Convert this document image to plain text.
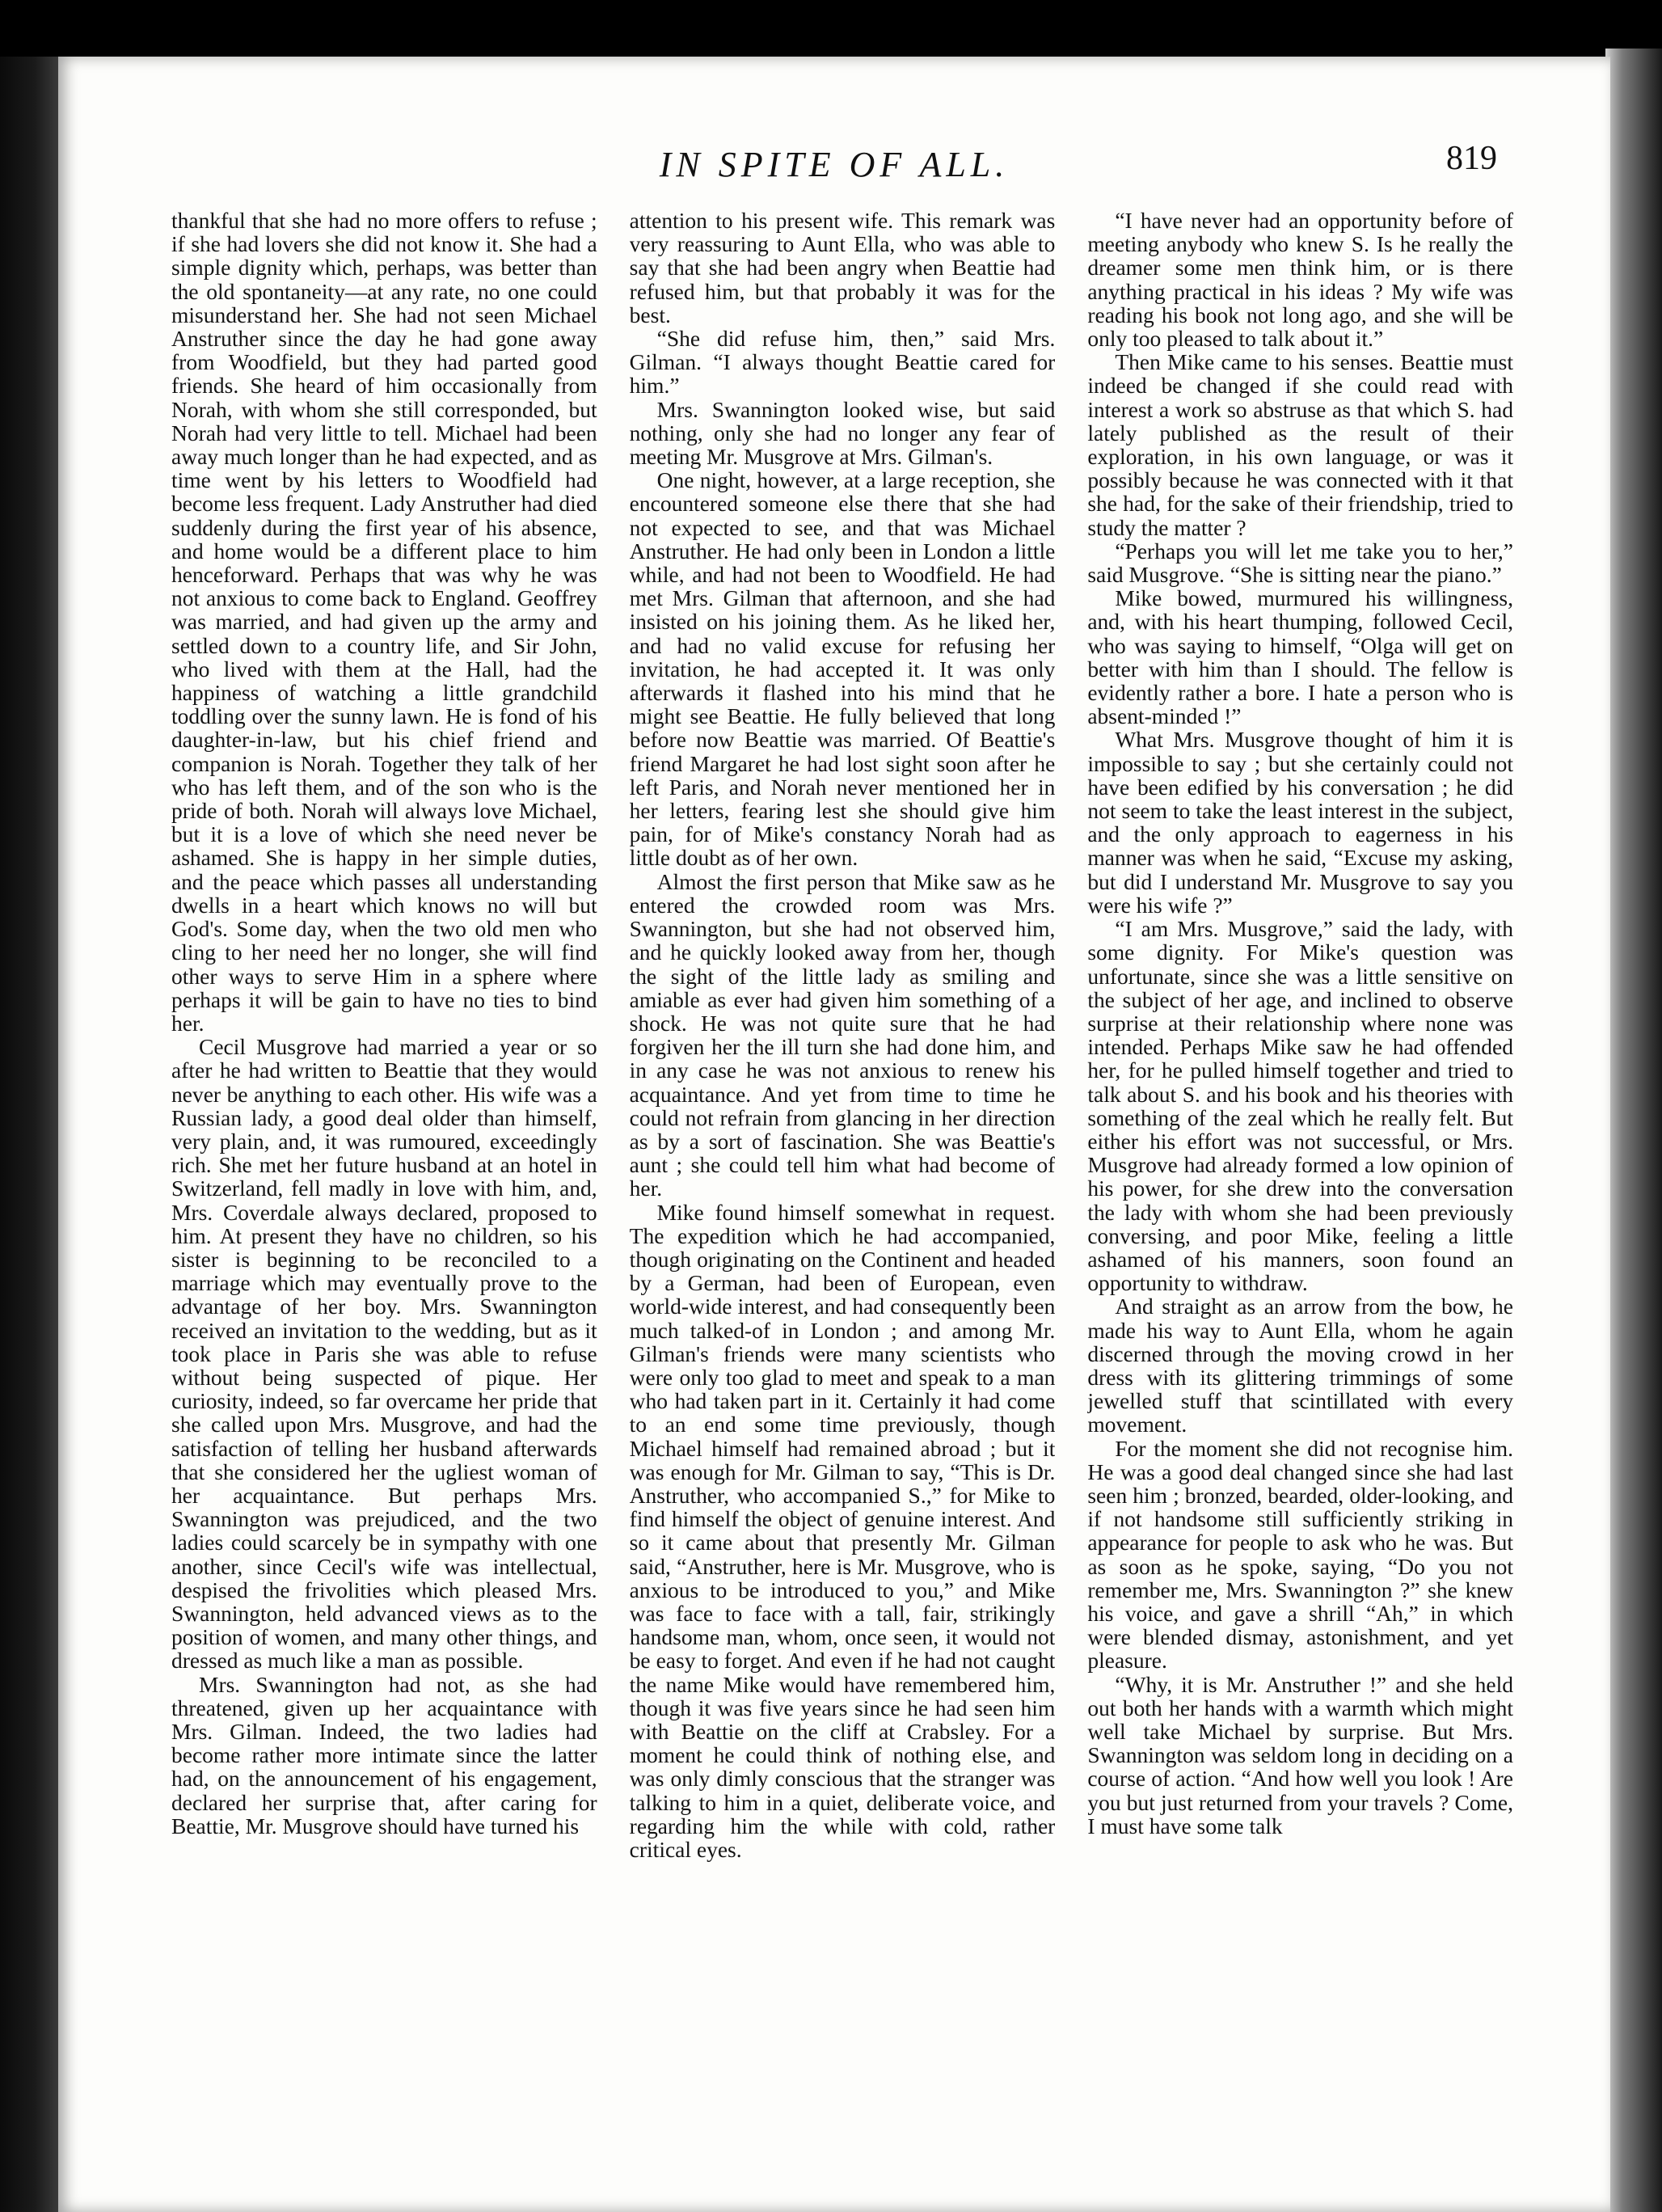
IN SPITE OF ALL.	819

thankful that she had no more offers to refuse ; if she had lovers she did not know it. She had a simple dignity which, perhaps, was better than the old spontaneity—at any rate, no one could misunderstand her. She had not seen Michael Anstruther since the day he had gone away from Woodfield, but they had parted good friends. She heard of him occasionally from Norah, with whom she still corresponded, but Norah had very little to tell. Michael had been away much longer than he had expected, and as time went by his letters to Woodfield had become less frequent. Lady Anstruther had died suddenly during the first year of his absence, and home would be a different place to him henceforward. Perhaps that was why he was not anxious to come back to England. Geoffrey was married, and had given up the army and settled down to a country life, and Sir John, who lived with them at the Hall, had the happiness of watching a little grandchild toddling over the sunny lawn. He is fond of his daughter-in-law, but his chief friend and companion is Norah. Together they talk of her who has left them, and of the son who is the pride of both. Norah will always love Michael, but it is a love of which she need never be ashamed. She is happy in her simple duties, and the peace which passes all understanding dwells in a heart which knows no will but God's. Some day, when the two old men who cling to her need her no longer, she will find other ways to serve Him in a sphere where perhaps it will be gain to have no ties to bind her.

Cecil Musgrove had married a year or so after he had written to Beattie that they would never be anything to each other. His wife was a Russian lady, a good deal older than himself, very plain, and, it was rumoured, exceedingly rich. She met her future husband at an hotel in Switzerland, fell madly in love with him, and, Mrs. Coverdale always declared, proposed to him. At present they have no children, so his sister is beginning to be reconciled to a marriage which may eventually prove to the advantage of her boy. Mrs. Swannington received an invitation to the wedding, but as it took place in Paris she was able to refuse without being suspected of pique. Her curiosity, indeed, so far overcame her pride that she called upon Mrs. Musgrove, and had the satisfaction of telling her husband afterwards that she considered her the ugliest woman of her acquaintance. But perhaps Mrs. Swannington was prejudiced, and the two ladies could scarcely be in sympathy with one another, since Cecil's wife was intellectual, despised the frivolities which pleased Mrs. Swannington, held advanced views as to the position of women, and many other things, and dressed as much like a man as possible.

Mrs. Swannington had not, as she had threatened, given up her acquaintance with Mrs. Gilman. Indeed, the two ladies had become rather more intimate since the latter had, on the announcement of his engagement, declared her surprise that, after caring for Beattie, Mr. Musgrove should have turned his

attention to his present wife. This remark was very reassuring to Aunt Ella, who was able to say that she had been angry when Beattie had refused him, but that probably it was for the best.

“She did refuse him, then,” said Mrs. Gilman. “I always thought Beattie cared for him.”

Mrs. Swannington looked wise, but said nothing, only she had no longer any fear of meeting Mr. Musgrove at Mrs. Gilman's.

One night, however, at a large reception, she encountered someone else there that she had not expected to see, and that was Michael Anstruther. He had only been in London a little while, and had not been to Woodfield. He had met Mrs. Gilman that afternoon, and she had insisted on his joining them. As he liked her, and had no valid excuse for refusing her invitation, he had accepted it. It was only afterwards it flashed into his mind that he might see Beattie. He fully believed that long before now Beattie was married. Of Beattie's friend Margaret he had lost sight soon after he left Paris, and Norah never mentioned her in her letters, fearing lest she should give him pain, for of Mike's constancy Norah had as little doubt as of her own.

Almost the first person that Mike saw as he entered the crowded room was Mrs. Swannington, but she had not observed him, and he quickly looked away from her, though the sight of the little lady as smiling and amiable as ever had given him something of a shock. He was not quite sure that he had forgiven her the ill turn she had done him, and in any case he was not anxious to renew his acquaintance. And yet from time to time he could not refrain from glancing in her direction as by a sort of fascination. She was Beattie's aunt ; she could tell him what had become of her.

Mike found himself somewhat in request. The expedition which he had accompanied, though originating on the Continent and headed by a German, had been of European, even world-wide interest, and had consequently been much talked-of in London ; and among Mr. Gilman's friends were many scientists who were only too glad to meet and speak to a man who had taken part in it. Certainly it had come to an end some time previously, though Michael himself had remained abroad ; but it was enough for Mr. Gilman to say, “This is Dr. Anstruther, who accompanied S.,” for Mike to find himself the object of genuine interest. And so it came about that presently Mr. Gilman said, “Anstruther, here is Mr. Musgrove, who is anxious to be introduced to you,” and Mike was face to face with a tall, fair, strikingly handsome man, whom, once seen, it would not be easy to forget. And even if he had not caught the name Mike would have remembered him, though it was five years since he had seen him with Beattie on the cliff at Crabsley. For a moment he could think of nothing else, and was only dimly conscious that the stranger was talking to him in a quiet, deliberate voice, and regarding him the while with cold, rather critical eyes.

“I have never had an opportunity before of meeting anybody who knew S. Is he really the dreamer some men think him, or is there anything practical in his ideas ? My wife was reading his book not long ago, and she will be only too pleased to talk about it.”

Then Mike came to his senses. Beattie must indeed be changed if she could read with interest a work so abstruse as that which S. had lately published as the result of their exploration, in his own language, or was it possibly because he was connected with it that she had, for the sake of their friendship, tried to study the matter ?

“Perhaps you will let me take you to her,” said Musgrove. “She is sitting near the piano.”

Mike bowed, murmured his willingness, and, with his heart thumping, followed Cecil, who was saying to himself, “Olga will get on better with him than I should. The fellow is evidently rather a bore. I hate a person who is absent-minded !”

What Mrs. Musgrove thought of him it is impossible to say ; but she certainly could not have been edified by his conversation ; he did not seem to take the least interest in the subject, and the only approach to eagerness in his manner was when he said, “Excuse my asking, but did I understand Mr. Musgrove to say you were his wife ?”

“I am Mrs. Musgrove,” said the lady, with some dignity. For Mike's question was unfortunate, since she was a little sensitive on the subject of her age, and inclined to observe surprise at their relationship where none was intended. Perhaps Mike saw he had offended her, for he pulled himself together and tried to talk about S. and his book and his theories with something of the zeal which he really felt. But either his effort was not successful, or Mrs. Musgrove had already formed a low opinion of his power, for she drew into the conversation the lady with whom she had been previously conversing, and poor Mike, feeling a little ashamed of his manners, soon found an opportunity to withdraw.

And straight as an arrow from the bow, he made his way to Aunt Ella, whom he again discerned through the moving crowd in her dress with its glittering trimmings of some jewelled stuff that scintillated with every movement.

For the moment she did not recognise him. He was a good deal changed since she had last seen him ; bronzed, bearded, older-looking, and if not handsome still sufficiently striking in appearance for people to ask who he was. But as soon as he spoke, saying, “Do you not remember me, Mrs. Swannington ?” she knew his voice, and gave a shrill “Ah,” in which were blended dismay, astonishment, and yet pleasure.

“Why, it is Mr. Anstruther !” and she held out both her hands with a warmth which might well take Michael by surprise. But Mrs. Swannington was seldom long in deciding on a course of action. “And how well you look ! Are you but just returned from your travels ? Come, I must have some talk
